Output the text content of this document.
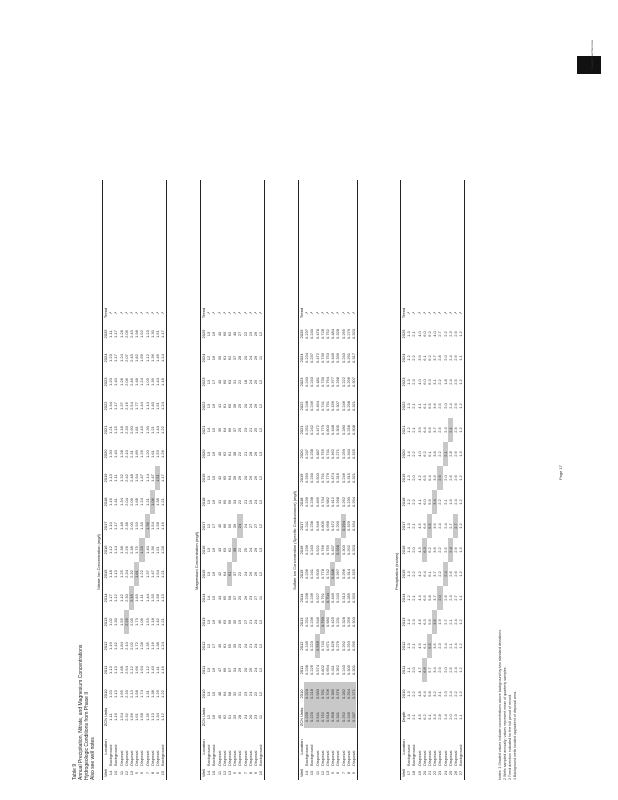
Nuclear Fuel Services
Table 9 Annual Precipitation, Nitrate, and Magnesium Concentrations Hydrogeologic Conditions from Phase II Also see well notes
Nitrate Ion Concentration (mg/l)
Well	Location	ZCN Units	2010	2011	2012	2013	2014	2015	2016	2017	2018	2019	2020	2021	2022	2023	2024	2025	Trend
14	Background	1.11	1.20	1.13	1.19	1.02	1.17	1.18	1.12	1.10	1.16	1.13	1.30	1.21	1.34	1.20	1.23	1.11	↗
10	Background	1.15	1.13	1.13	1.42	1.30	1.12	1.13	1.14	1.17	1.41	1.11	1.40	1.15	1.17	1.40	1.17	1.17	↗
11	Disposal	1.54	1.65	1.68	1.84	1.55	1.42	1.25	1.38	1.48	1.34	1.32	1.28	1.18	1.37	1.28	1.24	1.28	↗
12	Disposal	2.32	2.33	2.54	2.10	2.25	2.30	2.34	2.26	2.38	2.04	2.42	2.10	2.33	2.16	2.06	2.07	2.05	↗
13	Disposal	1.66	2.13	2.12	2.02	2.05	2.15	2.32	2.38	2.00	2.06	2.48	2.31	2.60	2.54	2.46	2.43	2.43	↗
5	Disposal	1.61	1.58	1.66	1.72	1.73	1.83	1.81	1.75	1.93	1.68	1.94	1.89	1.81	1.77	1.48	1.82	1.98	↗
6	Disposal	1.58	1.74	1.64	1.28	1.06	1.11	1.22	1.23	1.33	1.24	1.47	1.26	1.43	1.44	1.24	1.59	1.52	↗
7	Disposal	1.35	1.31	1.12	1.35	1.53	1.44	1.37	1.40	1.36	1.21	1.14	1.20	1.30	1.14	1.03	1.12	1.23	↗
8	Disposal	1.13	1.38	1.43	1.16	1.18	1.33	1.47	1.36	1.54	1.06	1.47	1.61	1.21	1.40	1.39	1.36	1.30	↗
9	Disposal	1.34	1.26	1.41	1.38	1.42	1.58	1.54	1.51	1.58	1.38	1.51	1.53	1.44	1.51	1.44	1.49	1.51	↗
15	Background	1.12	1.22	1.16	1.24	1.21	1.13	1.21	1.28	1.16	1.21	1.17	1.26	1.22	1.24	1.18	1.14	1.17	↗
Magnesium Concentration (mg/l)
Well	Location	ZCN Units	2010	2011	2012	2013	2014	2015	2016	2017	2018	2019	2020	2021	2022	2023	2024	2025	Trend
14	Background	12	13	13	12	13	14	13	13	12	13	13	13	14	13	13	12	13	↗
10	Background	16	15	16	17	16	15	16	16	17	16	15	16	15	16	17	16	16	↗
11	Disposal	45	48	47	49	46	44	42	43	45	41	42	40	39	41	40	39	40	↗
12	Disposal	62	64	66	61	63	65	64	63	66	60	65	62	64	61	60	61	60	↗
13	Disposal	51	58	57	55	56	58	61	62	55	56	64	61	66	65	63	62	62	↗
5	Disposal	33	32	34	35	35	37	37	36	39	34	39	38	37	36	31	37	40	↗
6	Disposal	28	31	29	23	19	20	22	22	24	22	26	22	25	25	22	28	27	↗
7	Disposal	24	23	20	24	27	26	24	25	24	21	20	21	23	20	18	20	22	↗
8	Disposal	20	24	25	21	21	23	26	24	27	19	26	28	21	24	24	24	23	↗
9	Disposal	23	22	24	24	24	27	26	26	27	24	26	26	25	26	25	26	26	↗
15	Background	11	12	12	12	12	11	12	13	12	12	12	13	12	12	12	11	12	↗
Sulfate Ion Concentration (Specific Conductance) (mg/l)
Well	Location	ZCN Units	2010	2011	2012	2013	2014	2015	2016	2017	2018	2019	2020	2021	2022	2023	2024	2025	Trend
14	Background	0.236	0.220	0.238	0.245	0.251	0.238	0.236	0.236	0.241	0.239	0.250	0.247	0.251	0.248	0.240	0.234	0.237	↗
10	Background	0.220	0.218	0.226	0.223	0.236	0.236	0.241	0.243	0.238	0.238	0.240	0.238	0.242	0.246	0.243	0.237	0.240	↗
11	Disposal	0.541	0.583	0.574	0.596	0.549	0.527	0.509	0.521	0.546	0.495	0.503	0.487	0.472	0.494	0.481	0.472	0.478	↗
12	Disposal	0.762	0.781	0.802	0.743	0.769	0.791	0.778	0.766	0.805	0.734	0.791	0.755	0.779	0.741	0.730	0.739	0.728	↗
13	Disposal	0.618	0.706	0.694	0.671	0.680	0.704	0.742	0.755	0.668	0.682	0.776	0.741	0.803	0.791	0.764	0.753	0.752	↗
5	Disposal	0.398	0.389	0.411	0.426	0.425	0.449	0.448	0.437	0.472	0.412	0.474	0.462	0.448	0.436	0.377	0.449	0.484	↗
6	Disposal	0.341	0.376	0.352	0.279	0.231	0.243	0.267	0.268	0.290	0.268	0.316	0.271	0.305	0.307	0.268	0.339	0.328	↗
7	Disposal	0.292	0.282	0.243	0.292	0.328	0.313	0.296	0.303	0.294	0.262	0.246	0.259	0.280	0.246	0.222	0.243	0.265	↗
8	Disposal	0.245	0.294	0.305	0.253	0.256	0.285	0.314	0.292	0.329	0.230	0.315	0.340	0.258	0.298	0.296	0.291	0.279	↗
9	Disposal	0.287	0.271	0.301	0.295	0.303	0.333	0.325	0.320	0.334	0.294	0.321	0.325	0.308	0.321	0.307	0.317	0.320	↗
Precipitation (inches)
Well	Location	Depth	2010	2011	2012	2013	2014	2015	2016	2017	2018	2019	2020	2021	2022	2023	2024	2025	Trend
17	Background	1.4	1.3	1.1	1.3	1.4	1.2	1.3	1.4	1.3	1.2	1.3	1.4	1.2	1.3	1.3	1.2	1.3	↗
18	Background	2.1	2.2	2.0	2.1	2.3	2.1	2.2	2.0	2.1	2.2	2.0	2.2	2.1	2.1	2.3	2.2	2.1	↗
19	Disposal	4.5	4.8	4.7	4.9	4.6	4.4	4.2	4.3	4.5	4.1	4.2	4.0	3.9	4.1	4.0	3.9	4.0	↗
20	Disposal	6.2	6.4	6.6	6.1	6.3	6.5	6.4	6.3	6.6	6.0	6.5	6.2	6.4	6.1	6.0	6.1	6.0	↗
21	Disposal	5.1	5.8	5.7	5.5	5.6	5.8	6.1	6.2	5.5	5.6	6.4	6.1	6.6	6.5	6.3	6.2	6.2	↗
22	Disposal	3.3	3.2	3.4	3.5	3.5	3.7	3.7	3.6	3.9	3.4	3.9	3.8	3.7	3.6	3.1	3.7	4.0	↗
23	Disposal	2.8	3.1	2.9	2.3	1.9	2.0	2.2	2.2	2.4	2.2	2.6	2.2	2.5	2.5	2.2	2.8	2.7	↗
24	Disposal	2.4	2.3	2.0	2.4	2.7	2.6	2.4	2.5	2.4	2.1	2.0	2.1	2.3	2.0	1.8	2.0	2.2	↗
25	Disposal	2.0	2.4	2.5	2.1	2.1	2.3	2.6	2.4	2.7	1.9	2.6	2.8	2.1	2.4	2.4	2.4	2.3	↗
26	Disposal	2.3	2.2	2.4	2.4	2.4	2.7	2.6	2.6	2.7	2.4	2.6	2.6	2.5	2.6	2.5	2.6	2.6	↗
27	Background	1.1	1.2	1.2	1.2	1.2	1.1	1.2	1.3	1.2	1.2	1.2	1.3	1.2	1.2	1.2	1.1	1.2	↗
Notes: 1 Shaded values indicate concentrations above background by two standard deviations. 2 Wells sampled annually; values represent mean of quarterly samples. 3 Trend direction indicated for the full period of record. 4 Background wells located upgradient of disposal area.
Page 17
